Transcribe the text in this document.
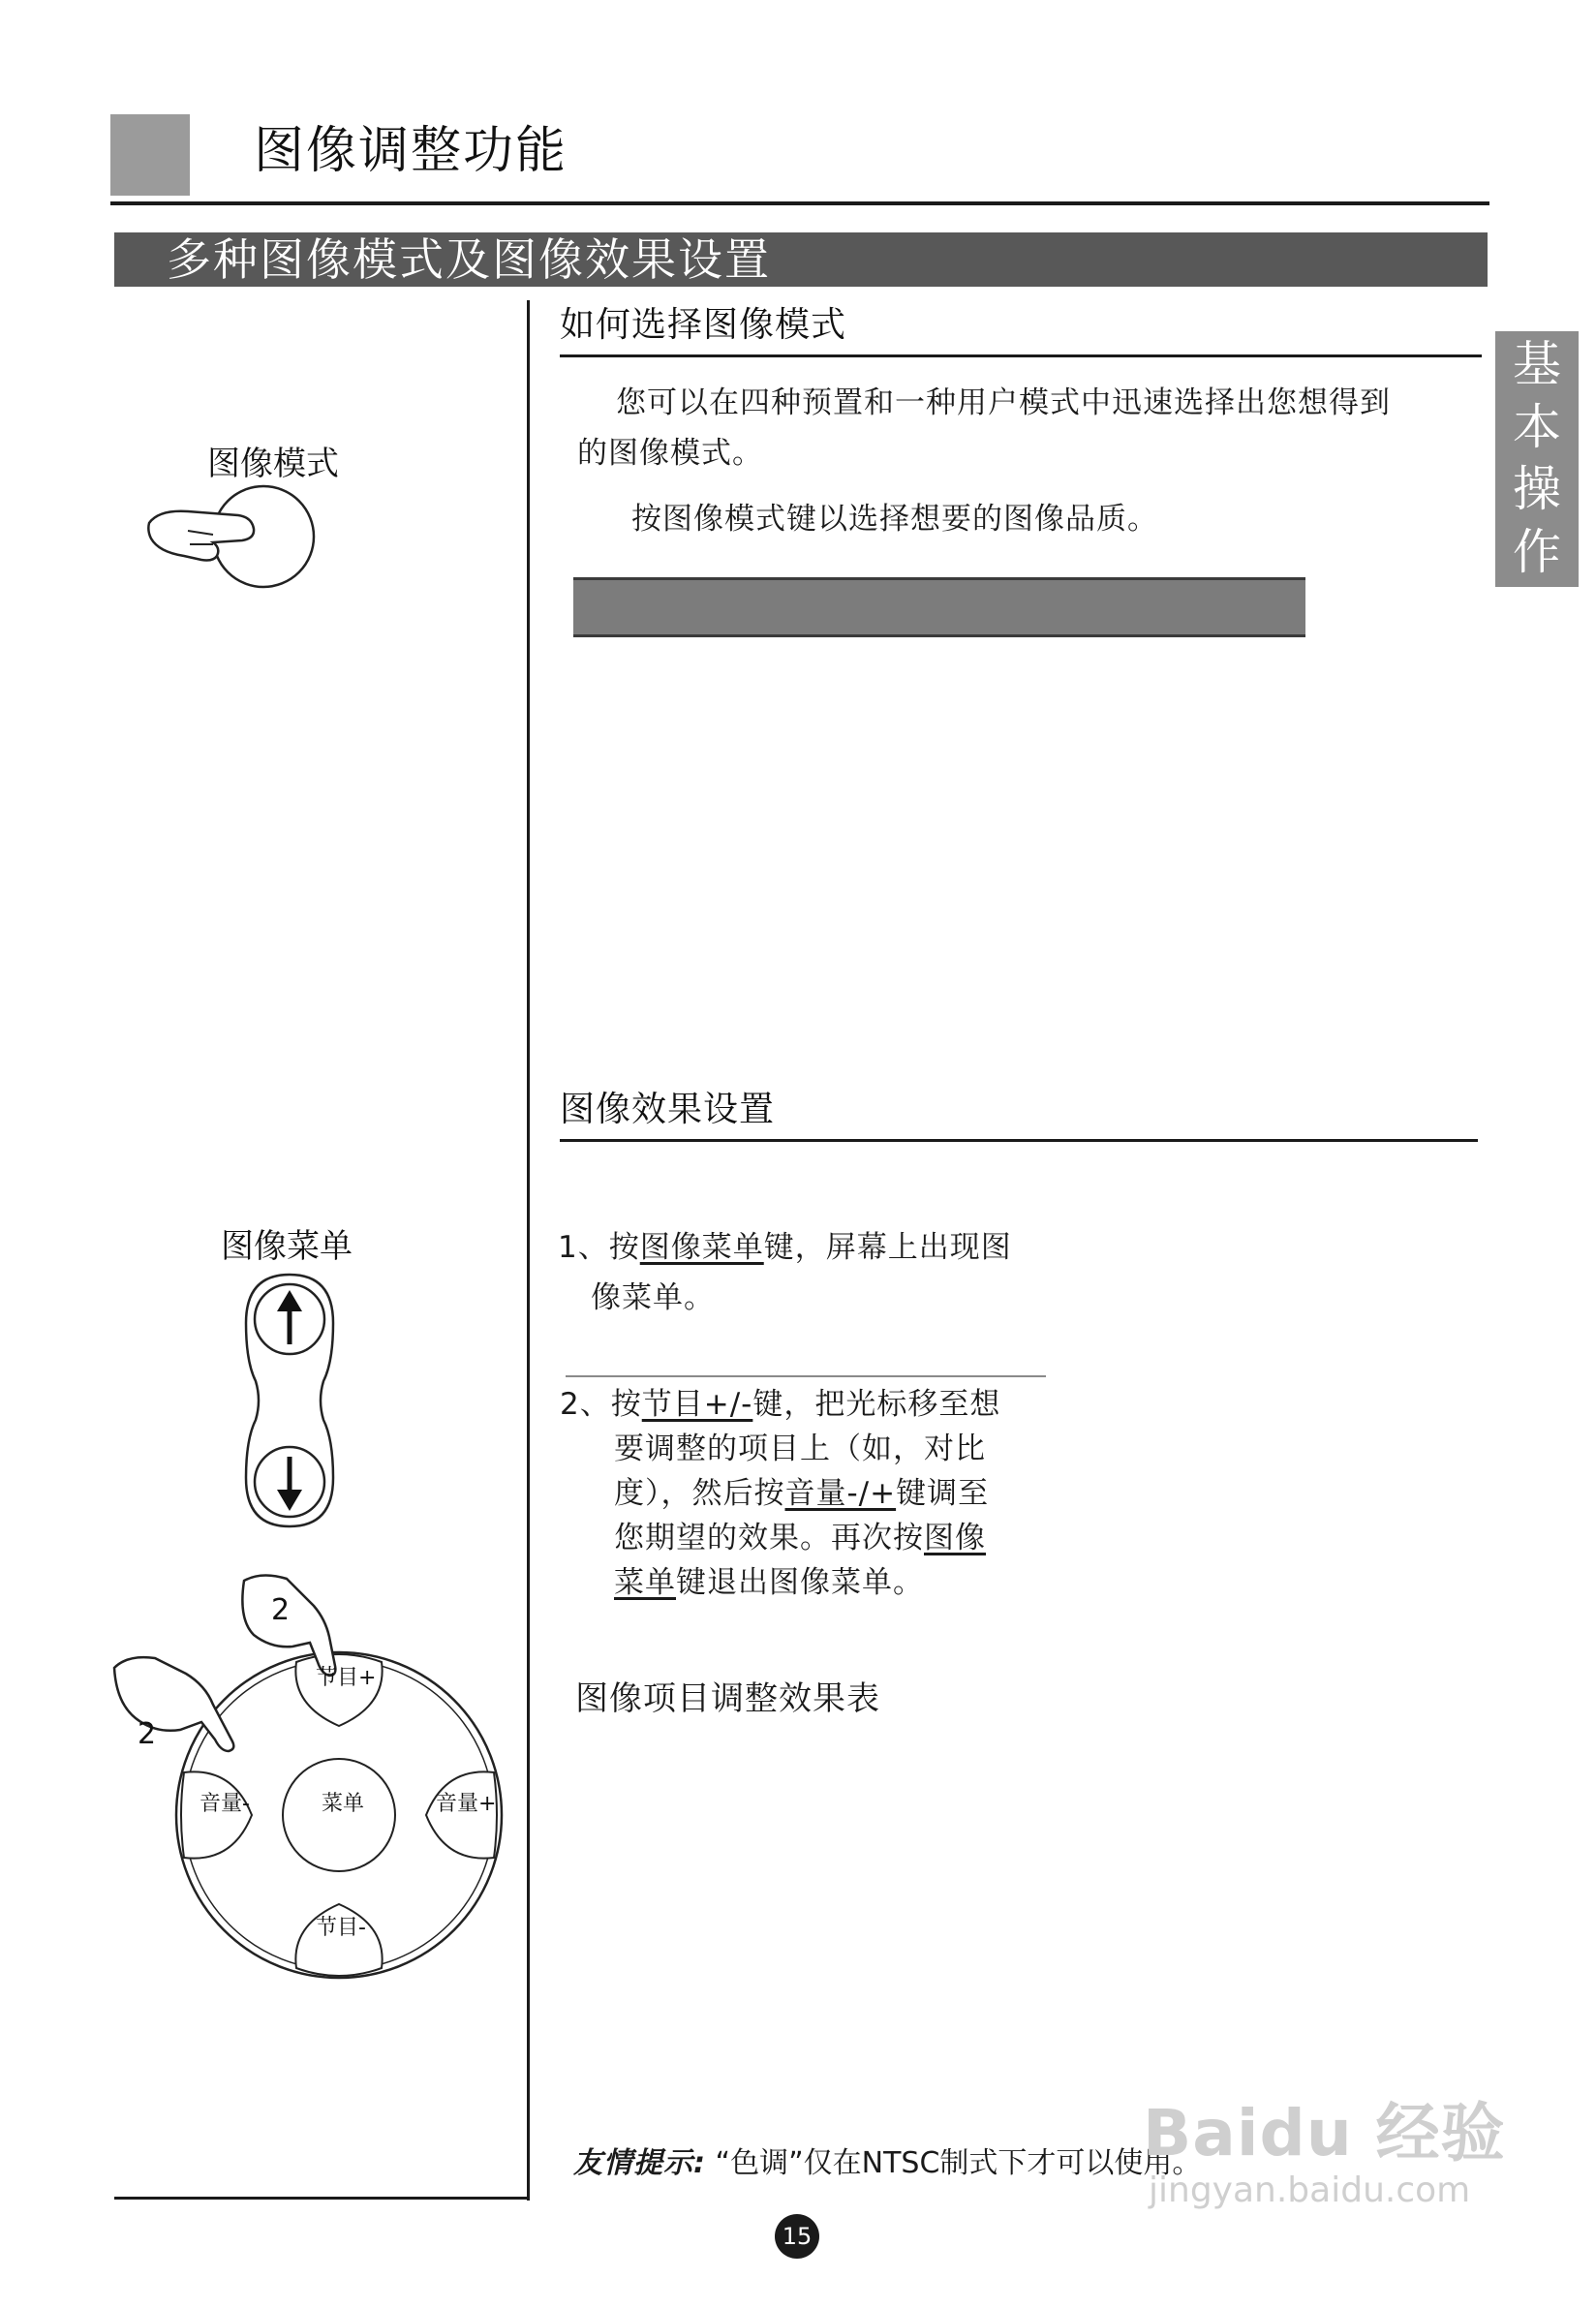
图像调整功能
多种图像模式及图像效果设置
基
本
操
作
如何选择图像模式
您可以在四种预置和一种用户模式中迅速选择出您想得到
的图像模式。
按图像模式键以选择想要的图像品质。
图像模式
图像效果设置
1、按图像菜单键，屏幕上出现图
像菜单。
2、按节目+/-键，把光标移至想
要调整的项目上（如，对比
度），然后按音量-/+键调至
您期望的效果。再次按图像
菜单键退出图像菜单。
图像项目调整效果表
图像菜单
2
2
节目+
节目-
音量-	音量+
菜单
友情提示: “色调”仅在NTSC制式下才可以使用。
Baidu 经验
jingyan.baidu.com
15
